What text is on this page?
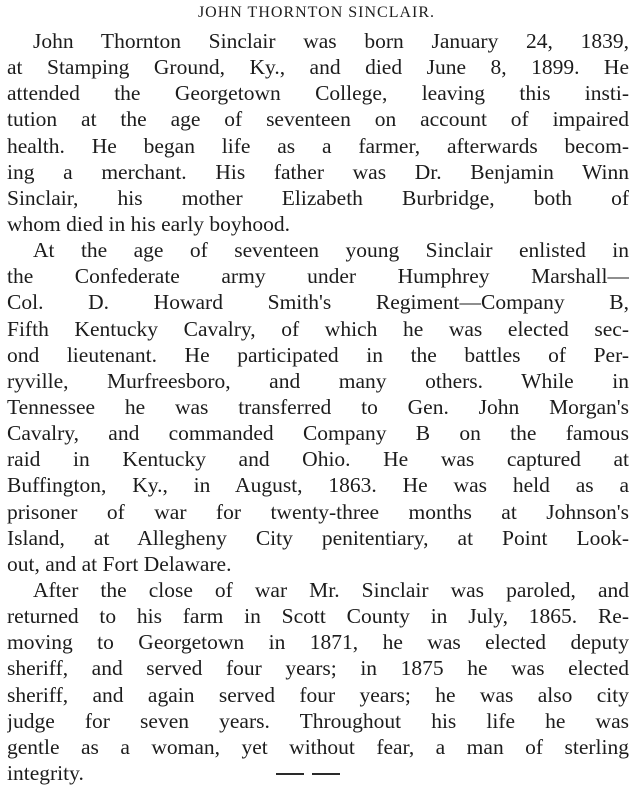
JOHN THORNTON SINCLAIR.

John Thornton Sinclair was born January 24, 1839,
at Stamping Ground, Ky., and died June 8, 1899. He
attended the Georgetown College, leaving this insti-
tution at the age of seventeen on account of impaired
health. He began life as a farmer, afterwards becom-
ing a merchant. His father was Dr. Benjamin Winn
Sinclair, his mother Elizabeth Burbridge, both of
whom died in his early boyhood.

At the age of seventeen young Sinclair enlisted in
the Confederate army under Humphrey Marshall—
Col. D. Howard Smith's Regiment—Company B,
Fifth Kentucky Cavalry, of which he was elected sec-
ond lieutenant. He participated in the battles of Per-
ryville, Murfreesboro, and many others. While in
Tennessee he was transferred to Gen. John Morgan's
Cavalry, and commanded Company B on the famous
raid in Kentucky and Ohio. He was captured at
Buffington, Ky., in August, 1863. He was held as a
prisoner of war for twenty-three months at Johnson's
Island, at Allegheny City penitentiary, at Point Look-
out, and at Fort Delaware.

After the close of war Mr. Sinclair was paroled, and
returned to his farm in Scott County in July, 1865. Re-
moving to Georgetown in 1871, he was elected deputy
sheriff, and served four years; in 1875 he was elected
sheriff, and again served four years; he was also city
judge for seven years. Throughout his life he was
gentle as a woman, yet without fear, a man of sterling
integrity.
